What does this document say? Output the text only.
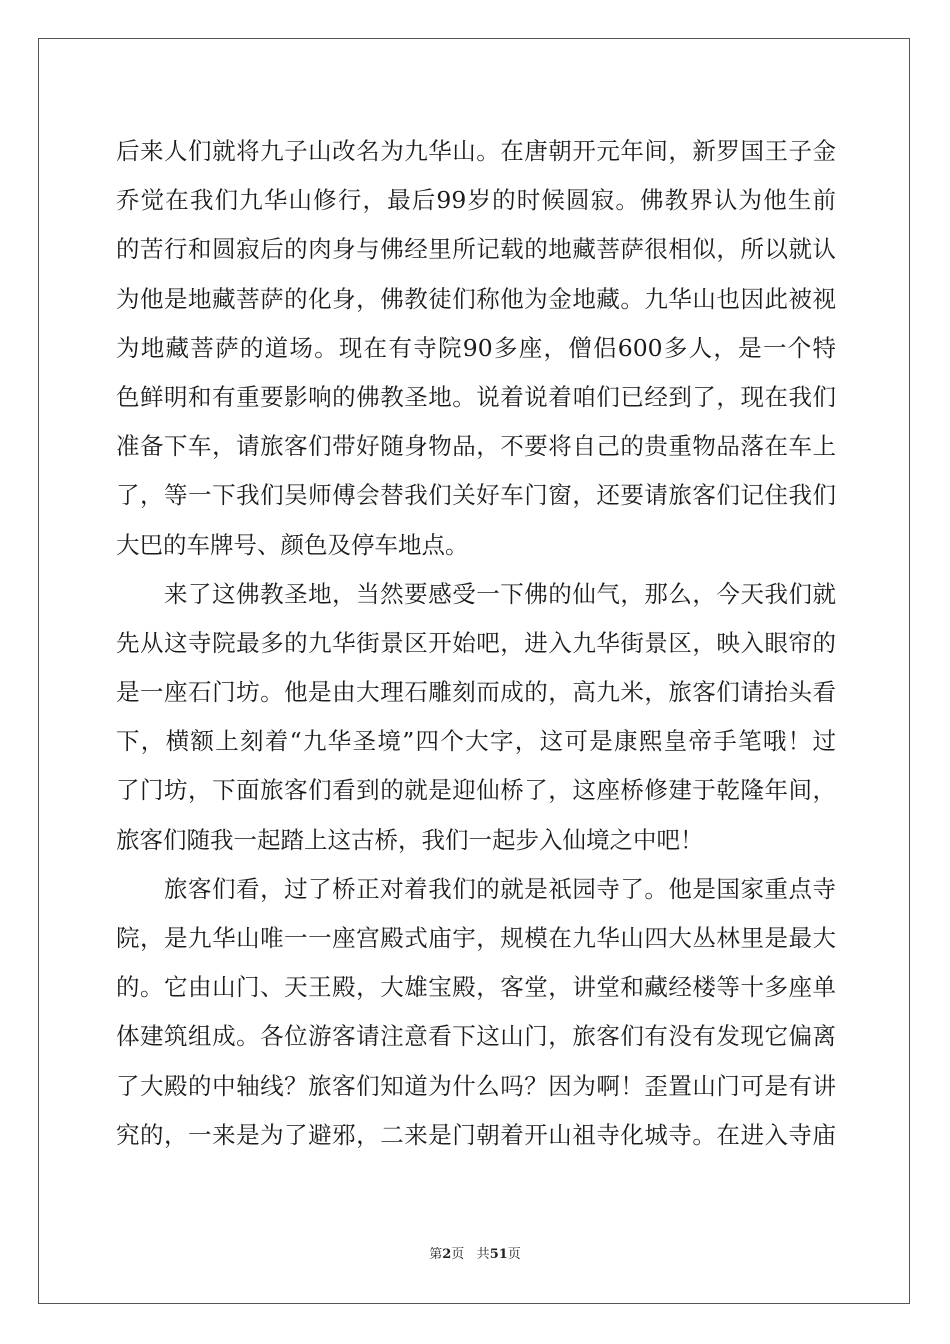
后来人们就将九子山改名为九华山。在唐朝开元年间，新罗国王子金
乔觉在我们九华山修行，最后99岁的时候圆寂。佛教界认为他生前
的苦行和圆寂后的肉身与佛经里所记载的地藏菩萨很相似，所以就认
为他是地藏菩萨的化身，佛教徒们称他为金地藏。九华山也因此被视
为地藏菩萨的道场。现在有寺院90多座，僧侣600多人，是一个特
色鲜明和有重要影响的佛教圣地。说着说着咱们已经到了，现在我们
准备下车，请旅客们带好随身物品，不要将自己的贵重物品落在车上
了，等一下我们吴师傅会替我们关好车门窗，还要请旅客们记住我们
大巴的车牌号、颜色及停车地点。
来了这佛教圣地，当然要感受一下佛的仙气，那么，今天我们就
先从这寺院最多的九华街景区开始吧，进入九华街景区，映入眼帘的
是一座石门坊。他是由大理石雕刻而成的，高九米，旅客们请抬头看
下，横额上刻着“九华圣境”四个大字，这可是康熙皇帝手笔哦！过
了门坊，下面旅客们看到的就是迎仙桥了，这座桥修建于乾隆年间，
旅客们随我一起踏上这古桥，我们一起步入仙境之中吧！
旅客们看，过了桥正对着我们的就是祇园寺了。他是国家重点寺
院，是九华山唯一一座宫殿式庙宇，规模在九华山四大丛林里是最大
的。它由山门、天王殿，大雄宝殿，客堂，讲堂和藏经楼等十多座单
体建筑组成。各位游客请注意看下这山门，旅客们有没有发现它偏离
了大殿的中轴线？旅客们知道为什么吗？因为啊！歪置山门可是有讲
究的，一来是为了避邪，二来是门朝着开山祖寺化城寺。在进入寺庙
第2页 共51页
